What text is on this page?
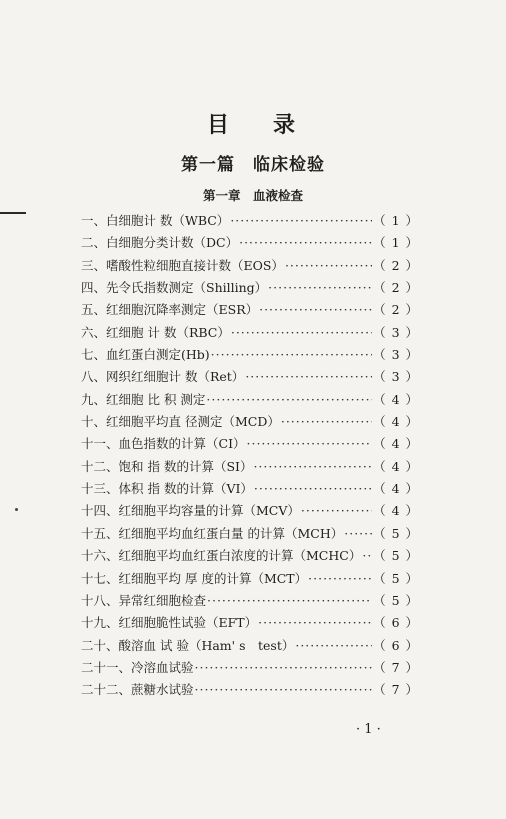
目 录
第一篇　临床检验
第一章　血液检查
一、白细胞计 数（WBC） ·····	（ 1 ）
二、白细胞分类计数（DC） ·····	（ 1 ）
三、嗜酸性粒细胞直接计数（EOS） ·····	（ 2 ）
四、先令氏指数测定（Shilling） ·····	（ 2 ）
五、红细胞沉降率测定（ESR） ·····	（ 2 ）
六、红细胞 计 数（RBC） ·····	（ 3 ）
七、血红蛋白测定(Hb) ·····	（ 3 ）
八、网织红细胞计 数（Ret） ·····	（ 3 ）
九、红细胞 比 积 测定 ·····	（ 4 ）
十、红细胞平均直 径测定（MCD） ·····	（ 4 ）
十一、血色指数的计算（CI） ·····	（ 4 ）
十二、饱和 指 数的计算（SI） ·····	（ 4 ）
十三、体积 指 数的计算（VI） ·····	（ 4 ）
十四、红细胞平均容量的计算（MCV） ·····	（ 4 ）
十五、红细胞平均血红蛋白量 的计算（MCH） ····· （ 5 ）
十六、红细胞平均血红蛋白浓度的计算（MCHC） ····· （ 5 ）
十七、红细胞平均 厚 度的计算（MCT） ·····	（ 5 ）
十八、异常红细胞检查 ·····	（ 5 ）
十九、红细胞脆性试验（EFT） ·····	（ 6 ）
二十、酸溶血 试 验（Ham' s　test） ·····	（ 6 ）
二十一、冷溶血试验 ·····	（ 7 ）
二十二、蔗糖水试验 ·····	（ 7 ）
· 1 ·
